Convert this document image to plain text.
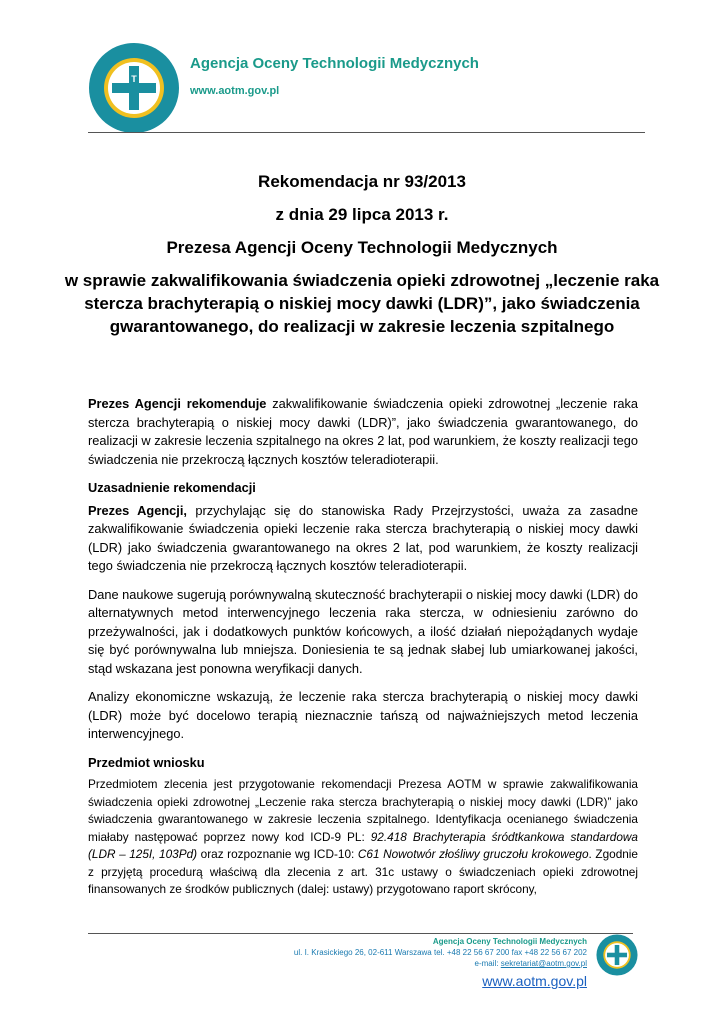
H
T
A
Agencja Oceny Technologii Medycznych
www.aotm.gov.pl
Rekomendacja nr 93/2013
z dnia 29 lipca 2013 r.
Prezesa Agencji Oceny Technologii Medycznych
w sprawie zakwalifikowania świadczenia opieki zdrowotnej „leczenie raka stercza brachyterapią o niskiej mocy dawki (LDR)”, jako świadczenia gwarantowanego, do realizacji w zakresie leczenia szpitalnego

Prezes Agencji rekomenduje zakwalifikowanie świadczenia opieki zdrowotnej „leczenie raka stercza brachyterapią o niskiej mocy dawki (LDR)”, jako świadczenia gwarantowanego, do realizacji w zakresie leczenia szpitalnego na okres 2 lat, pod warunkiem, że koszty realizacji tego świadczenia nie przekroczą łącznych kosztów teleradioterapii.

Uzasadnienie rekomendacji

Prezes Agencji, przychylając się do stanowiska Rady Przejrzystości, uważa za zasadne zakwalifikowanie świadczenia opieki leczenie raka stercza brachyterapią o niskiej mocy dawki (LDR) jako świadczenia gwarantowanego na okres 2 lat, pod warunkiem, że koszty realizacji tego świadczenia nie przekroczą łącznych kosztów teleradioterapii.

Dane naukowe sugerują porównywalną skuteczność brachyterapii o niskiej mocy dawki (LDR) do alternatywnych metod interwencyjnego leczenia raka stercza, w odniesieniu zarówno do przeżywalności, jak i dodatkowych punktów końcowych, a ilość działań niepożądanych wydaje się być porównywalna lub mniejsza. Doniesienia te są jednak słabej lub umiarkowanej jakości, stąd wskazana jest ponowna weryfikacji danych.

Analizy ekonomiczne wskazują, że leczenie raka stercza brachyterapią o niskiej mocy dawki (LDR) może być docelowo terapią nieznacznie tańszą od najważniejszych metod leczenia interwencyjnego.

Przedmiot wniosku

Przedmiotem zlecenia jest przygotowanie rekomendacji Prezesa AOTM w sprawie zakwalifikowania świadczenia opieki zdrowotnej „Leczenie raka stercza brachyterapią o niskiej mocy dawki (LDR)” jako świadczenia gwarantowanego w zakresie leczenia szpitalnego. Identyfikacja ocenianego świadczenia miałaby następować poprzez nowy kod ICD-9 PL: 92.418 Brachyterapia śródtkankowa standardowa (LDR – 125I, 103Pd) oraz rozpoznanie wg ICD-10: C61 Nowotwór złośliwy gruczołu krokowego. Zgodnie z przyjętą procedurą właściwą dla zlecenia z art. 31c ustawy o świadczeniach opieki zdrowotnej finansowanych ze środków publicznych (dalej: ustawy) przygotowano raport skrócony,

Agencja Oceny Technologii Medycznych
ul. I. Krasickiego 26, 02-611 Warszawa tel. +48 22 56 67 200 fax +48 22 56 67 202
e-mail: sekretariat@aotm.gov.pl
www.aotm.gov.pl
